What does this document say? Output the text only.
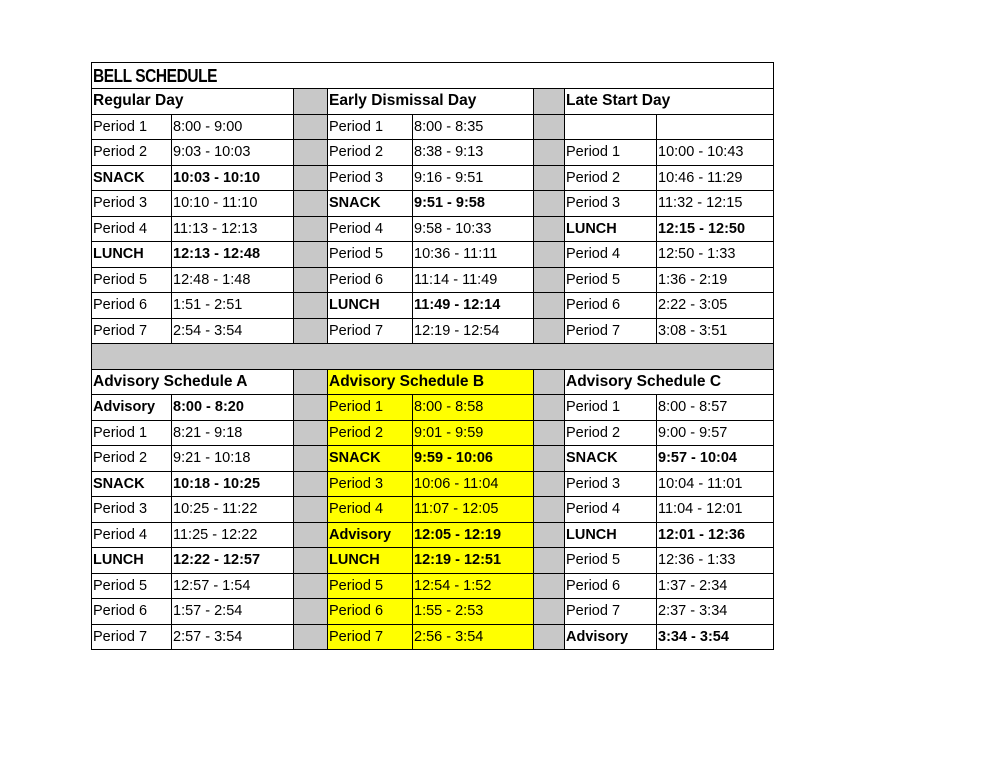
BELL SCHEDULE							
Regular Day			Early Dismissal Day			Late Start Day	
Period 1	8:00 - 9:00		Period 1	8:00 - 8:35			
Period 2	9:03 - 10:03		Period 2	8:38 - 9:13		Period 1	10:00 - 10:43
SNACK	10:03 - 10:10		Period 3	9:16 - 9:51		Period 2	10:46 - 11:29
Period 3	10:10 - 11:10		SNACK	9:51 - 9:58		Period 3	11:32 - 12:15
Period 4	11:13 - 12:13		Period 4	9:58 - 10:33		LUNCH	12:15 - 12:50
LUNCH	12:13 - 12:48		Period 5	10:36 - 11:11		Period 4	12:50 - 1:33
Period 5	12:48 - 1:48		Period 6	11:14 - 11:49		Period 5	1:36 - 2:19
Period 6	1:51 - 2:51		LUNCH	11:49 - 12:14		Period 6	2:22 - 3:05
Period 7	2:54 - 3:54		Period 7	12:19 - 12:54		Period 7	3:08 - 3:51

Advisory Schedule A			Advisory Schedule B			Advisory Schedule C	
Advisory	8:00 - 8:20		Period 1	8:00 - 8:58		Period 1	8:00 - 8:57
Period 1	8:21 - 9:18		Period 2	9:01 - 9:59		Period 2	9:00 - 9:57
Period 2	9:21 - 10:18		SNACK	9:59 - 10:06		SNACK	9:57 - 10:04
SNACK	10:18 - 10:25		Period 3	10:06 - 11:04		Period 3	10:04 - 11:01
Period 3	10:25 - 11:22		Period 4	11:07 - 12:05		Period 4	11:04 - 12:01
Period 4	11:25 - 12:22		Advisory	12:05 - 12:19		LUNCH	12:01 - 12:36
LUNCH	12:22 - 12:57		LUNCH	12:19 - 12:51		Period 5	12:36 - 1:33
Period 5	12:57 - 1:54		Period 5	12:54 - 1:52		Period 6	1:37 - 2:34
Period 6	1:57 - 2:54		Period 6	1:55 - 2:53		Period 7	2:37 - 3:34
Period 7	2:57 - 3:54		Period 7	2:56 - 3:54		Advisory	3:34 - 3:54
